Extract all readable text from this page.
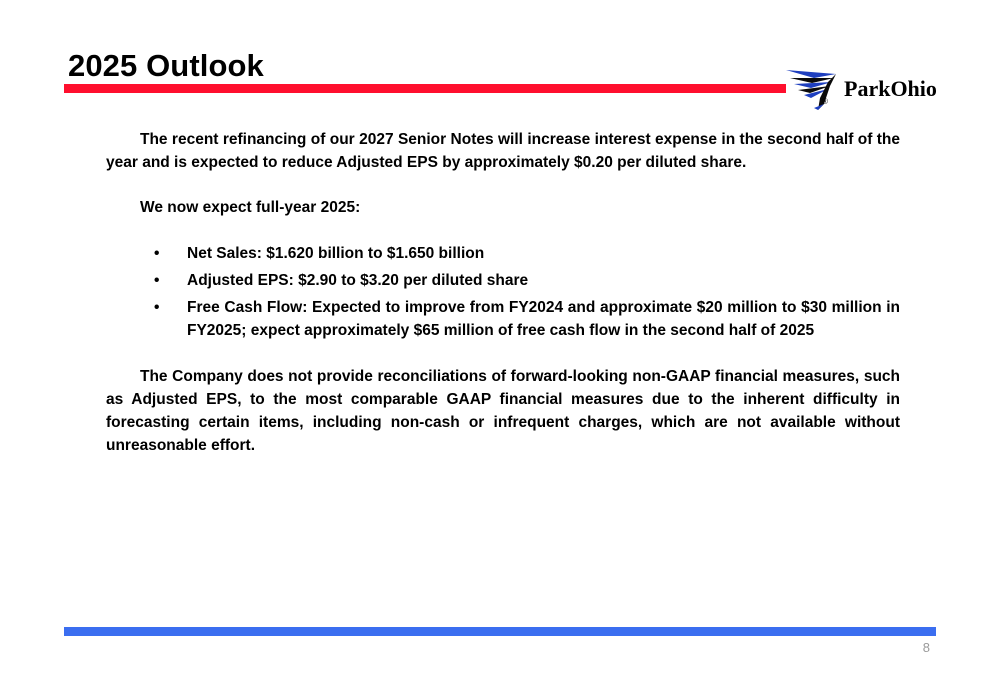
2025 Outlook
®
ParkOhio

The recent refinancing of our 2027 Senior Notes will increase interest expense in the second half of the year and is expected to reduce Adjusted EPS by approximately $0.20 per diluted share.

We now expect full-year 2025:

• Net Sales: $1.620 billion to $1.650 billion
• Adjusted EPS: $2.90 to $3.20 per diluted share
• Free Cash Flow: Expected to improve from FY2024 and approximate $20 million to $30 million in FY2025; expect approximately $65 million of free cash flow in the second half of 2025

The Company does not provide reconciliations of forward-looking non-GAAP financial measures, such as Adjusted EPS, to the most comparable GAAP financial measures due to the inherent difficulty in forecasting certain items, including non-cash or infrequent charges, which are not available without unreasonable effort.

8
